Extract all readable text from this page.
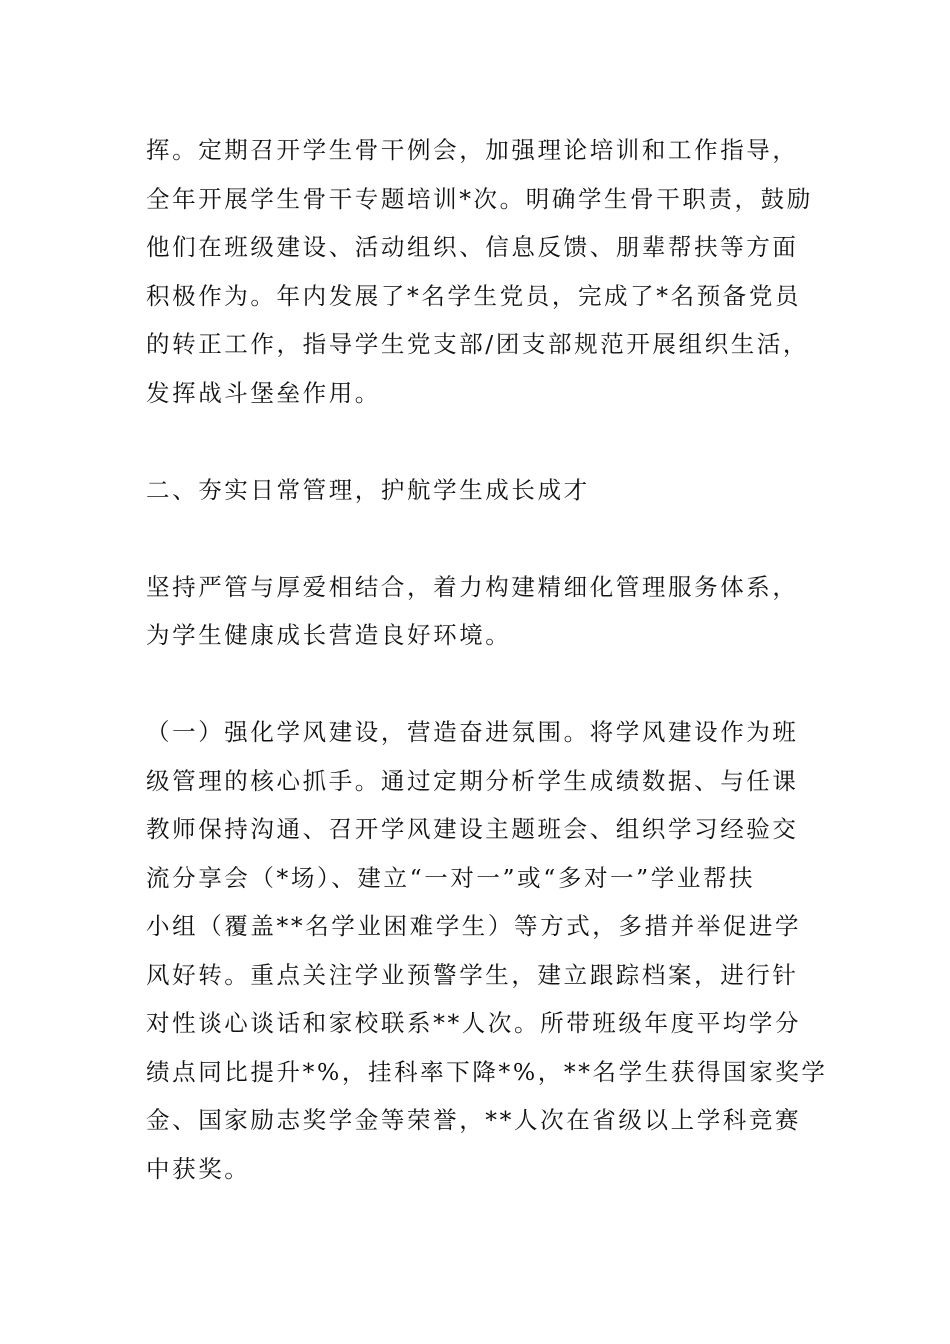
挥。定期召开学生骨干例会，加强理论培训和工作指导，
全年开展学生骨干专题培训*次。明确学生骨干职责，鼓励
他们在班级建设、活动组织、信息反馈、朋辈帮扶等方面
积极作为。年内发展了*名学生党员，完成了*名预备党员
的转正工作，指导学生党支部/团支部规范开展组织生活，
发挥战斗堡垒作用。
二、夯实日常管理，护航学生成长成才
坚持严管与厚爱相结合，着力构建精细化管理服务体系，
为学生健康成长营造良好环境。
（一）强化学风建设，营造奋进氛围。将学风建设作为班
级管理的核心抓手。通过定期分析学生成绩数据、与任课
教师保持沟通、召开学风建设主题班会、组织学习经验交
流分享会（*场）、建立“一对一”或“多对一”学业帮扶
小组（覆盖**名学业困难学生）等方式，多措并举促进学
风好转。重点关注学业预警学生，建立跟踪档案，进行针
对性谈心谈话和家校联系**人次。所带班级年度平均学分
绩点同比提升*%，挂科率下降*%，**名学生获得国家奖学
金、国家励志奖学金等荣誉，**人次在省级以上学科竞赛
中获奖。
